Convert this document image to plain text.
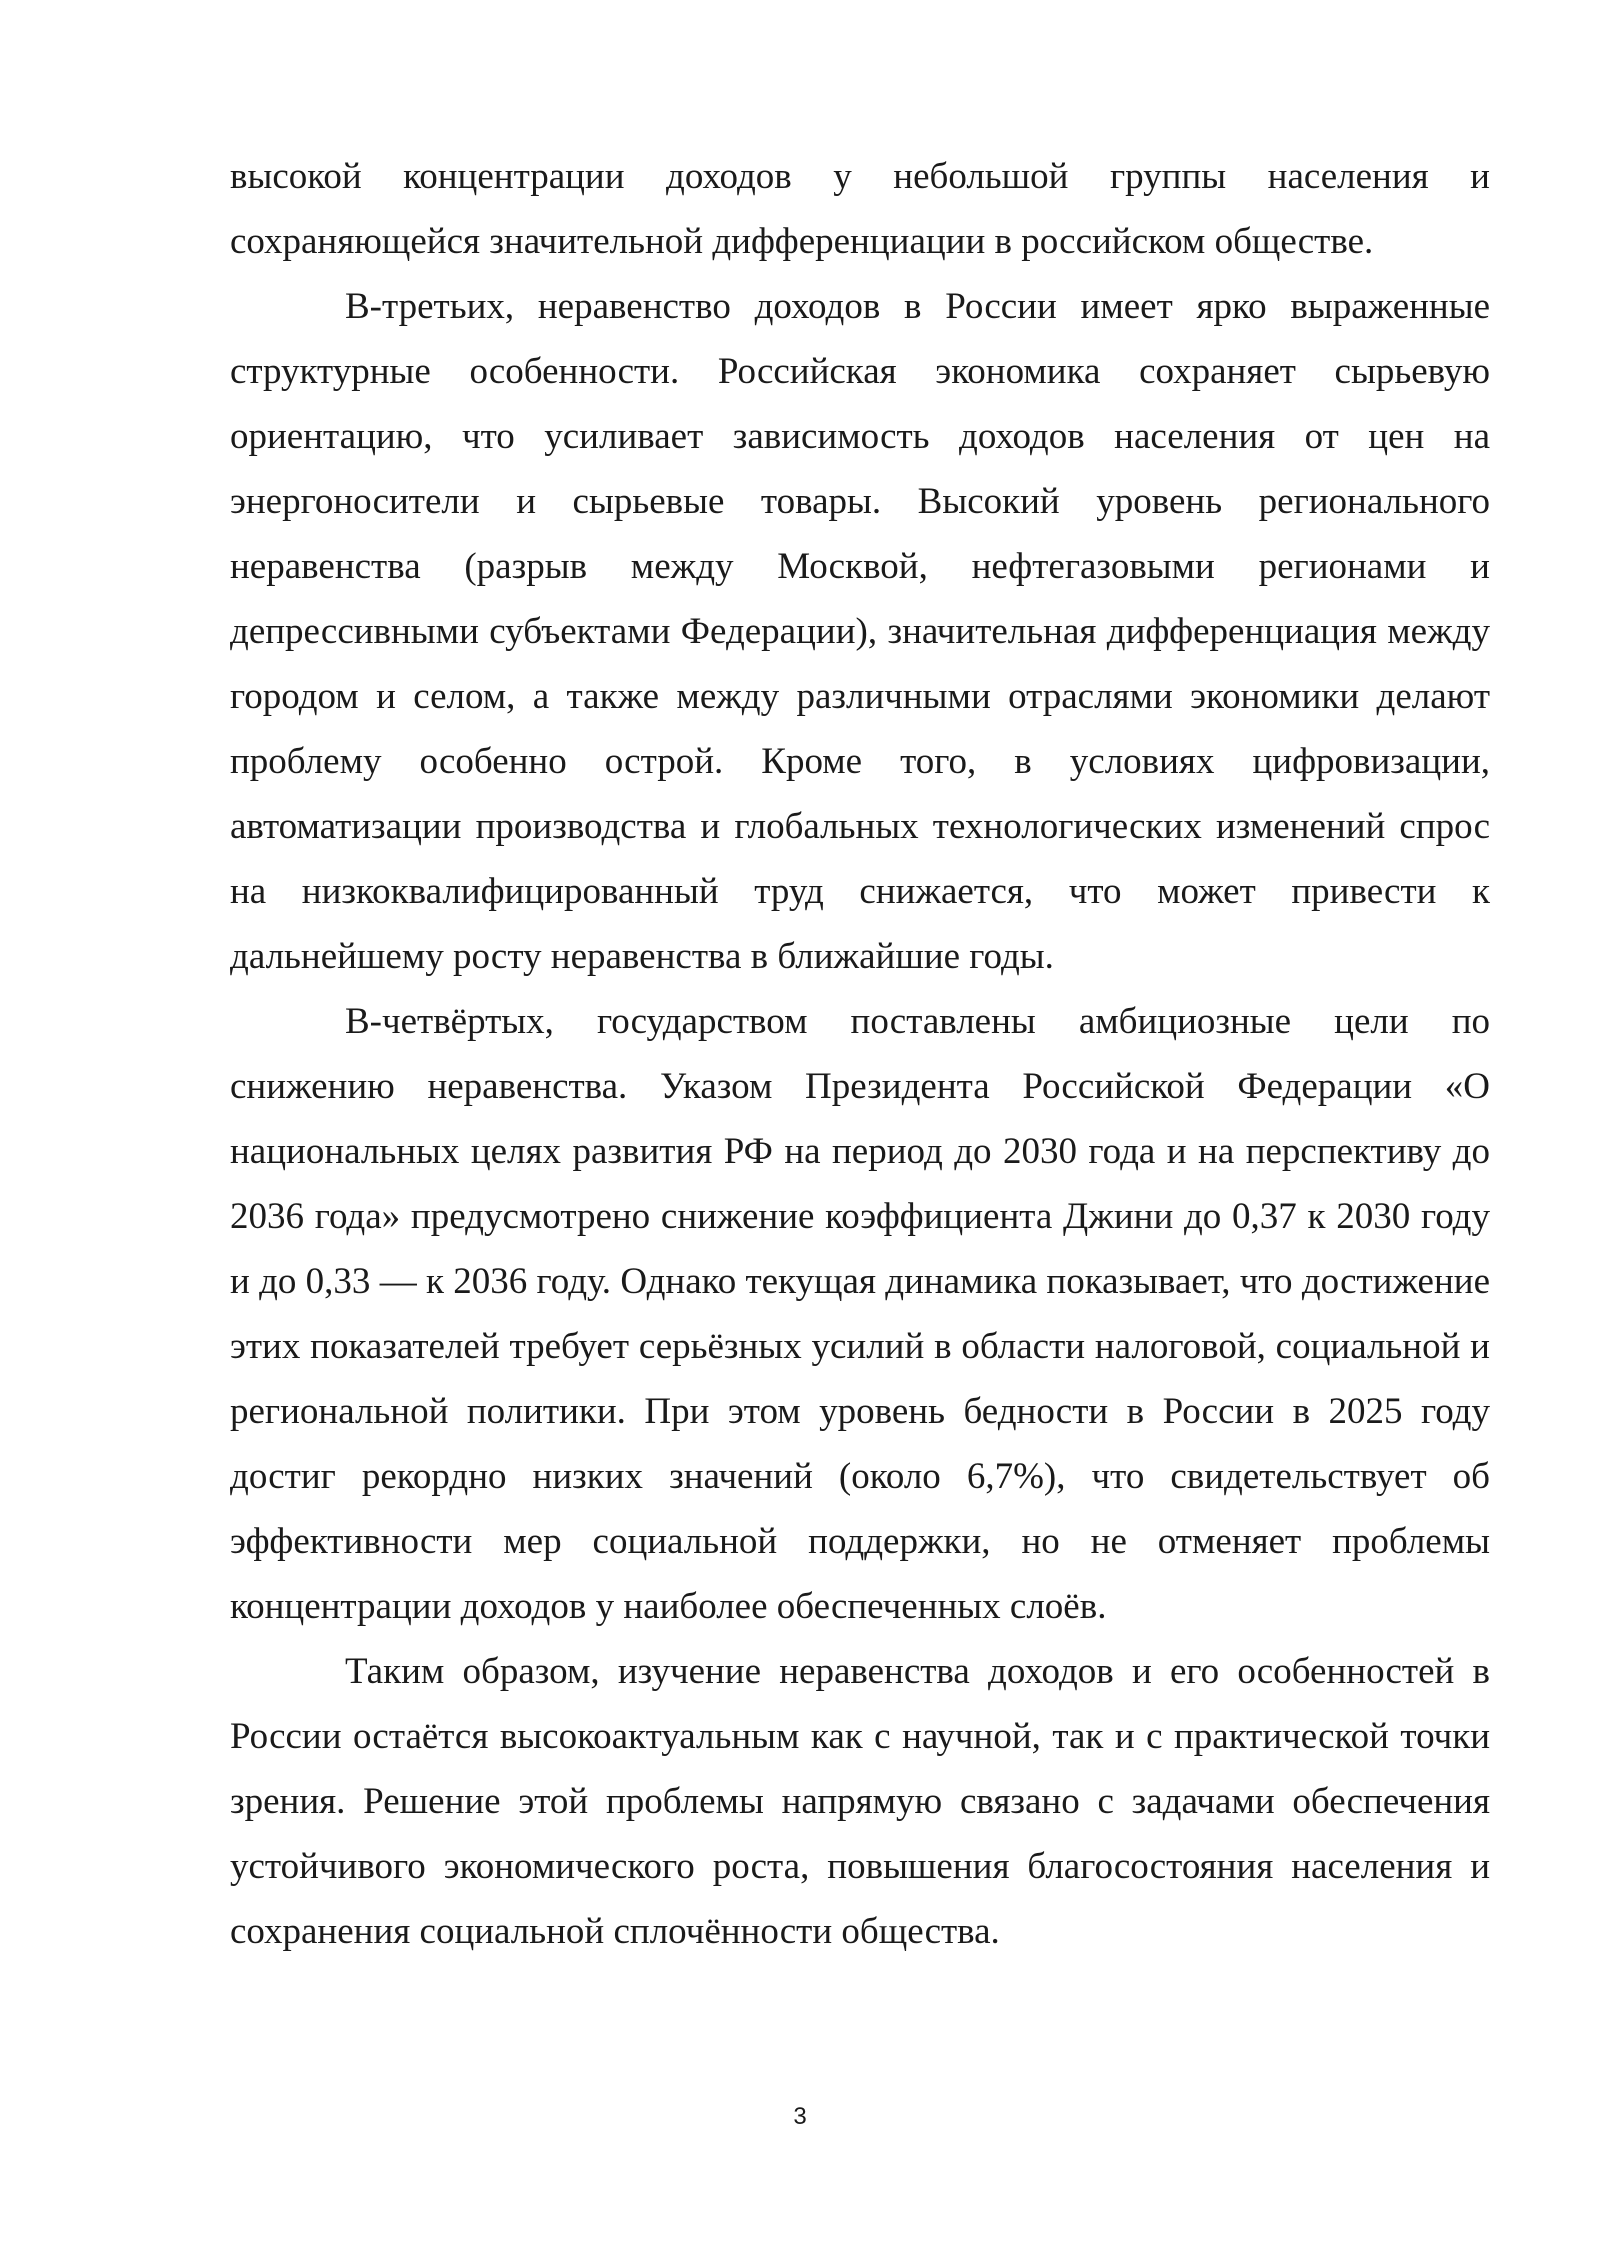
высокой концентрации доходов у небольшой группы населения и сохраняющейся значительной дифференциации в российском обществе.

В-третьих, неравенство доходов в России имеет ярко выраженные структурные особенности. Российская экономика сохраняет сырьевую ориентацию, что усиливает зависимость доходов населения от цен на энергоносители и сырьевые товары. Высокий уровень регионального неравенства (разрыв между Москвой, нефтегазовыми регионами и депрессивными субъектами Федерации), значительная дифференциация между городом и селом, а также между различными отраслями экономики делают проблему особенно острой. Кроме того, в условиях цифровизации, автоматизации производства и глобальных технологических изменений спрос на низкоквалифицированный труд снижается, что может привести к дальнейшему росту неравенства в ближайшие годы.

В-четвёртых, государством поставлены амбициозные цели по снижению неравенства. Указом Президента Российской Федерации «О национальных целях развития РФ на период до 2030 года и на перспективу до 2036 года» предусмотрено снижение коэффициента Джини до 0,37 к 2030 году и до 0,33 — к 2036 году. Однако текущая динамика показывает, что достижение этих показателей требует серьёзных усилий в области налоговой, социальной и региональной политики. При этом уровень бедности в России в 2025 году достиг рекордно низких значений (около 6,7%), что свидетельствует об эффективности мер социальной поддержки, но не отменяет проблемы концентрации доходов у наиболее обеспеченных слоёв.

Таким образом, изучение неравенства доходов и его особенностей в России остаётся высокоактуальным как с научной, так и с практической точки зрения. Решение этой проблемы напрямую связано с задачами обеспечения устойчивого экономического роста, повышения благосостояния населения и сохранения социальной сплочённости общества.

3
